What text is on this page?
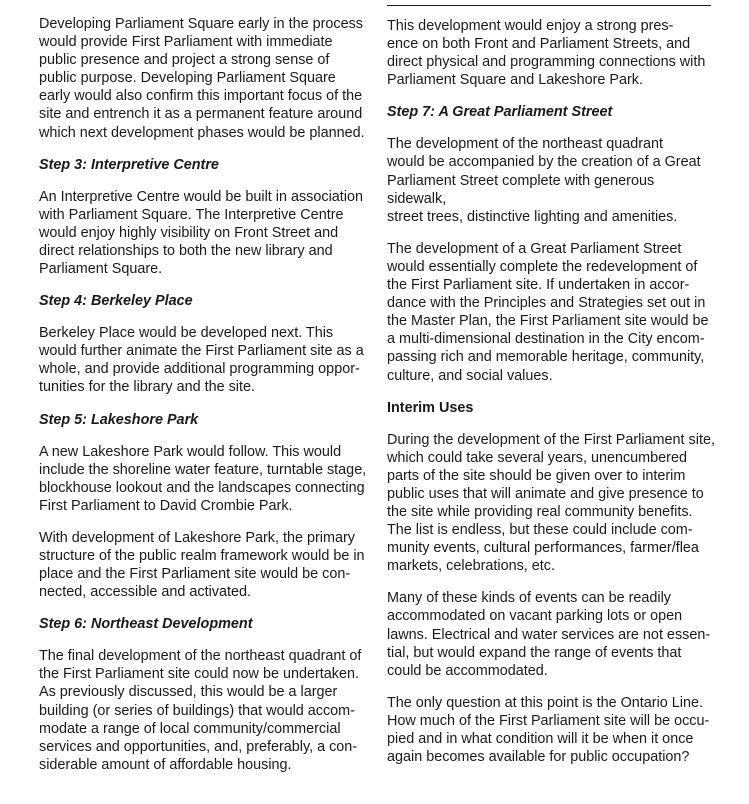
Developing Parliament Square early in the process
would provide First Parliament with immediate
public presence and project a strong sense of
public purpose. Developing Parliament Square
early would also confirm this important focus of the
site and entrench it as a permanent feature around
which next development phases would be planned.

Step 3: Interpretive Centre

An Interpretive Centre would be built in association
with Parliament Square. The Interpretive Centre
would enjoy highly visibility on Front Street and
direct relationships to both the new library and
Parliament Square.

Step 4: Berkeley Place

Berkeley Place would be developed next. This
would further animate the First Parliament site as a
whole, and provide additional programming oppor-
tunities for the library and the site.

Step 5: Lakeshore Park

A new Lakeshore Park would follow. This would
include the shoreline water feature, turntable stage,
blockhouse lookout and the landscapes connecting
First Parliament to David Crombie Park.

With development of Lakeshore Park, the primary
structure of the public realm framework would be in
place and the First Parliament site would be con-
nected, accessible and activated.

Step 6: Northeast Development

The final development of the northeast quadrant of
the First Parliament site could now be undertaken.
As previously discussed, this would be a larger
building (or series of buildings) that would accom-
modate a range of local community/commercial
services and opportunities, and, preferably, a con-
siderable amount of affordable housing.

This development would enjoy a strong pres-
ence on both Front and Parliament Streets, and
direct physical and programming connections with
Parliament Square and Lakeshore Park.

Step 7: A Great Parliament Street

The development of the northeast quadrant
would be accompanied by the creation of a Great
Parliament Street complete with generous sidewalk,
street trees, distinctive lighting and amenities.

The development of a Great Parliament Street
would essentially complete the redevelopment of
the First Parliament site. If undertaken in accor-
dance with the Principles and Strategies set out in
the Master Plan, the First Parliament site would be
a multi-dimensional destination in the City encom-
passing rich and memorable heritage, community,
culture, and social values.

Interim Uses

During the development of the First Parliament site,
which could take several years, unencumbered
parts of the site should be given over to interim
public uses that will animate and give presence to
the site while providing real community benefits.
The list is endless, but these could include com-
munity events, cultural performances, farmer/flea
markets, celebrations, etc.

Many of these kinds of events can be readily
accommodated on vacant parking lots or open
lawns. Electrical and water services are not essen-
tial, but would expand the range of events that
could be accommodated.

The only question at this point is the Ontario Line.
How much of the First Parliament site will be occu-
pied and in what condition will it be when it once
again becomes available for public occupation?
